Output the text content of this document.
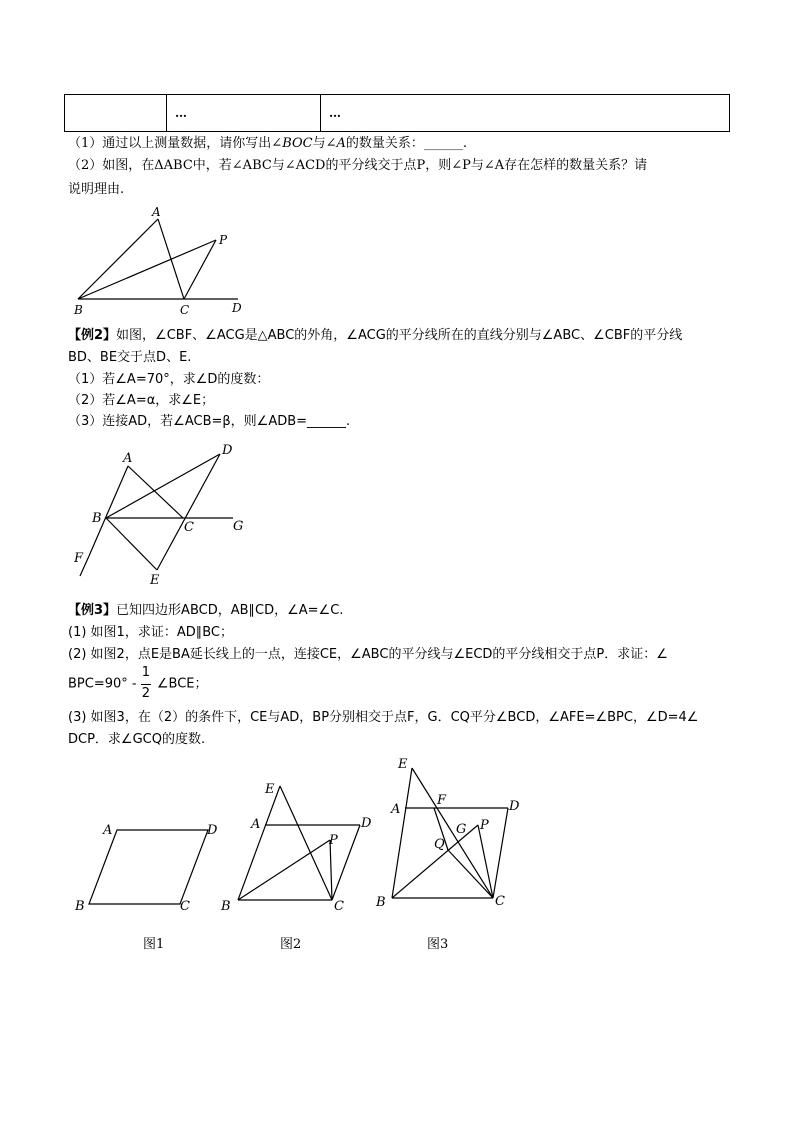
	…	…
（1）通过以上测量数据，请你写出∠BOC与∠A的数量关系：______.
（2）如图，在ΔABC中，若∠ABC与∠ACD的平分线交于点P，则∠P与∠A存在怎样的数量关系？请
说明理由.
A
P
B	C	D
【例2】如图，∠CBF、∠ACG是△ABC的外角，∠ACG的平分线所在的直线分别与∠ABC、∠CBF的平分线
BD、BE交于点D、E.
（1）若∠A=70°，求∠D的度数：
（2）若∠A=α，求∠E；
（3）连接AD，若∠ACB=β，则∠ADB=______.
A
D
B
C	G
F
E
【例3】已知四边形ABCD，AB∥CD，∠A=∠C.
(1) 如图1，求证：AD∥BC；
(2) 如图2，点E是BA延长线上的一点，连接CE，∠ABC的平分线与∠ECD的平分线相交于点P．求证：∠
$BPC=90^\circ - \frac{1}{2}$ ∠BCE；
(3) 如图3，在（2）的条件下，CE与AD，BP分别相交于点F，G．CQ平分∠BCD，∠AFE=∠BPC，∠D=4∠
DCP．求∠GCQ的度数.
A	D
B	C
图1
E
A	D
P
B	C
图2
E
A
F	D
G P
Q
B	C
图3
